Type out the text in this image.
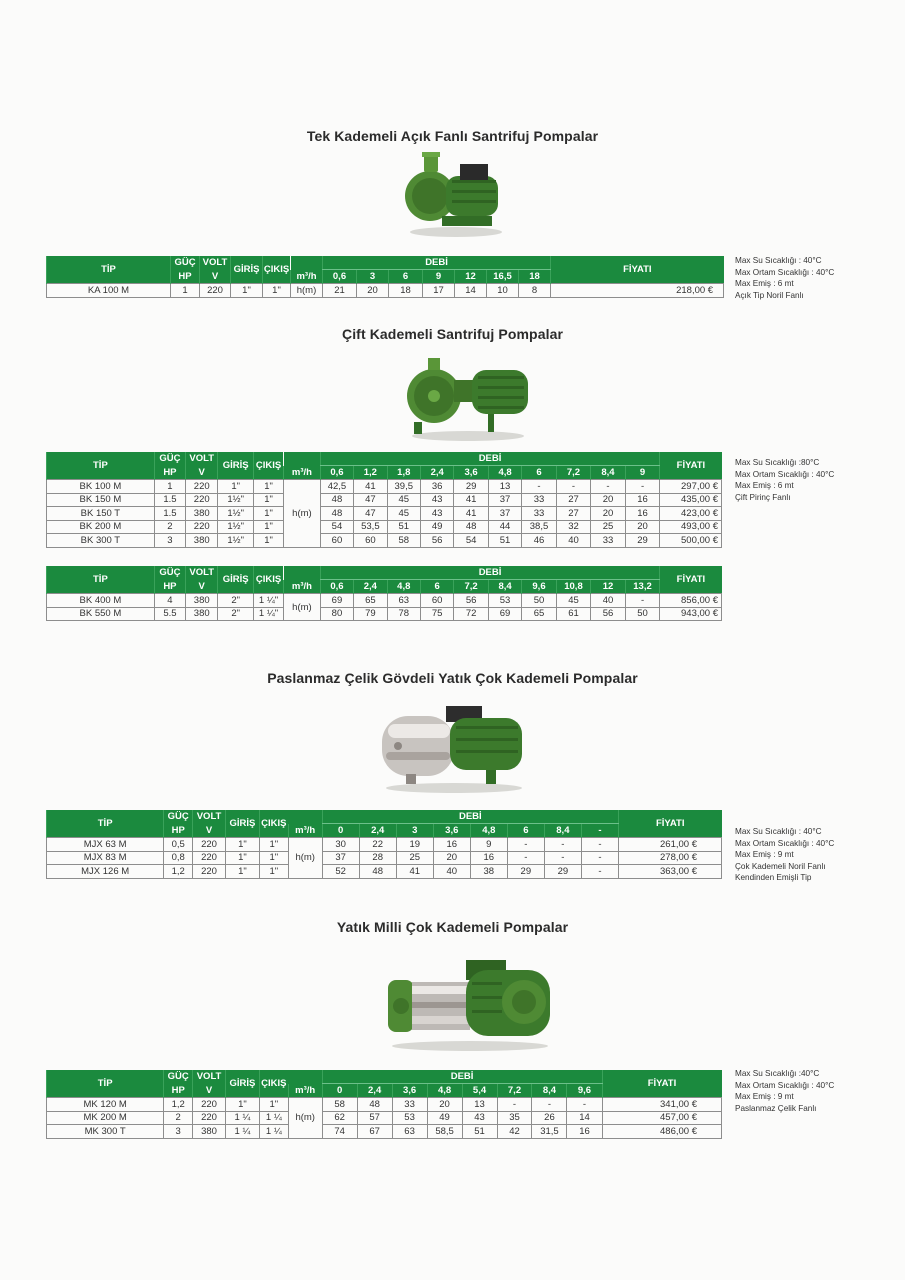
Tek Kademeli Açık Fanlı Santrifuj Pompalar
TİP	GÜÇ	VOLT	GİRİŞ	ÇIKIŞ		DEBİ							FİYATI
	HP	V			m³/h	0,6	3	6	9	12	16,5	18	
KA 100 M	1	220	1"	1"	h(m)	21	20	18	17	14	10	8	218,00 €
Max Su Sıcaklığı : 40°C
Max Ortam Sıcaklığı : 40°C
Max Emiş : 6 mt
Açık Tip Noril Fanlı
Çift Kademeli Santrifuj Pompalar
TİP	GÜÇ	VOLT	GİRİŞ	ÇIKIŞ		DEBİ										FİYATI
	HP	V			m³/h	0,6	1,2	1,8	2,4	3,6	4,8	6	7,2	8,4	9	
BK 100 M	1	220	1"	1"	h(m)	42,5	41	39,5	36	29	13	-	-	-	-	297,00 €
BK 150 M	1.5	220	1½"	1"		48	47	45	43	41	37	33	27	20	16	435,00 €
BK 150 T	1.5	380	1½"	1"		48	47	45	43	41	37	33	27	20	16	423,00 €
BK 200 M	2	220	1½"	1"		54	53,5	51	49	48	44	38,5	32	25	20	493,00 €
BK 300 T	3	380	1½"	1"		60	60	58	56	54	51	46	40	33	29	500,00 €
TİP	GÜÇ	VOLT	GİRİŞ	ÇIKIŞ		DEBİ										FİYATI
	HP	V			m³/h	0,6	2,4	4,8	6	7,2	8,4	9,6	10,8	12	13,2	
BK 400 M	4	380	2"	1 ¼"	h(m)	69	65	63	60	56	53	50	45	40	-	856,00 €
BK 550 M	5.5	380	2"	1 ¼"		80	79	78	75	72	69	65	61	56	50	943,00 €
Max Su Sıcaklığı :80°C
Max Ortam Sıcaklığı : 40°C
Max Emiş : 6 mt
Çift Pirinç Fanlı
Paslanmaz Çelik Gövdeli Yatık Çok Kademeli Pompalar
TİP	GÜÇ	VOLT	GİRİŞ	ÇIKIŞ		DEBİ								FİYATI
	HP	V			m³/h	0	2,4	3	3,6	4,8	6	8,4	-	
MJX 63 M	0,5	220	1"	1"	h(m)	30	22	19	16	9	-	-	-	261,00 €
MJX 83 M	0,8	220	1"	1"		37	28	25	20	16	-	-	-	278,00 €
MJX 126 M	1,2	220	1"	1"		52	48	41	40	38	29	29	-	363,00 €
Max Su Sıcaklığı : 40°C
Max Ortam Sıcaklığı : 40°C
Max Emiş : 9 mt
Çok Kademeli Noril Fanlı
Kendinden Emişli Tip
Yatık Milli Çok Kademeli Pompalar
TİP	GÜÇ	VOLT	GİRİŞ	ÇIKIŞ		DEBİ								FİYATI
	HP	V			m³/h	0	2,4	3,6	4,8	5,4	7,2	8,4	9,6	
MK 120 M	1,2	220	1"	1"	h(m)	58	48	33	20	13	-	-	-	341,00 €
MK 200 M	2	220	1 ¼	1 ¼		62	57	53	49	43	35	26	14	457,00 €
MK 300 T	3	380	1 ¼	1 ¼		74	67	63	58,5	51	42	31,5	16	486,00 €
Max Su Sıcaklığı :40°C
Max Ortam Sıcaklığı : 40°C
Max Emiş : 9 mt
Paslanmaz Çelik Fanlı
